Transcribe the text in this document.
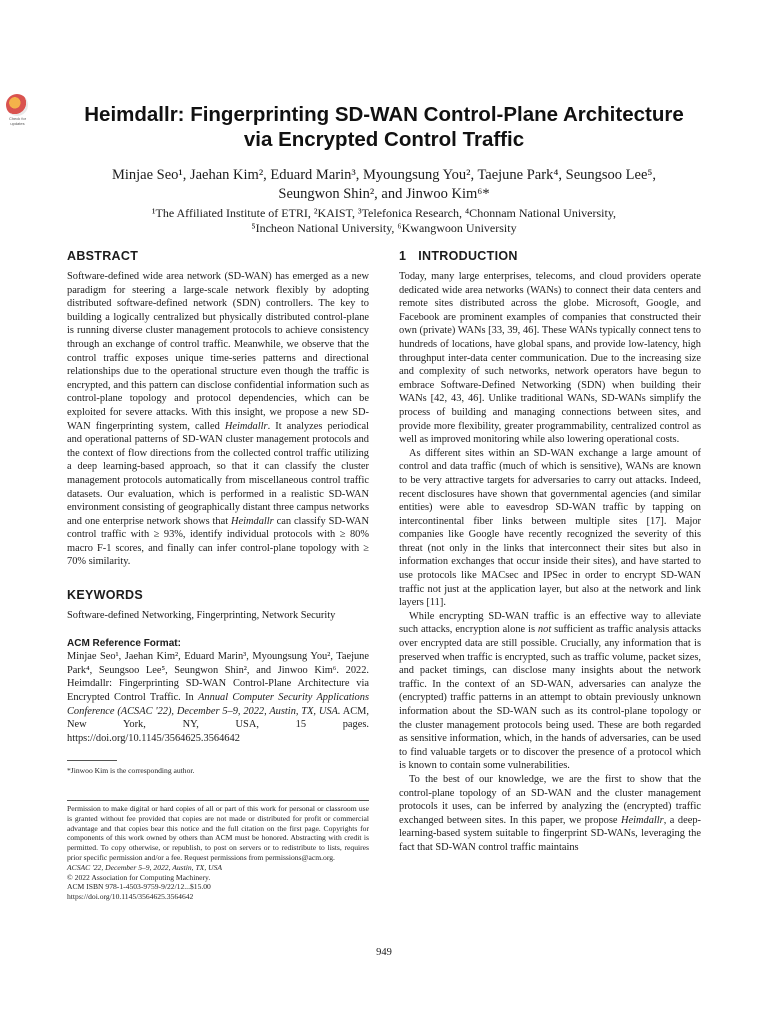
Check for updates	Heimdallr: Fingerprinting SD-WAN Control-Plane Architecture
via Encrypted Control Traffic
Minjae Seo¹, Jaehan Kim², Eduard Marin³, Myoungsung You², Taejune Park⁴, Seungsoo Lee⁵,
Seungwon Shin², and Jinwoo Kim⁶*
¹The Affiliated Institute of ETRI, ²KAIST, ³Telefonica Research, ⁴Chonnam National University,
⁵Incheon National University, ⁶Kwangwoon University
ABSTRACT

Software-defined wide area network (SD-WAN) has emerged as a new paradigm for steering a large-scale network flexibly by adopting distributed software-defined network (SDN) controllers. The key to building a logically centralized but physically distributed control-plane is running diverse cluster management protocols to achieve consistency through an exchange of control traffic. Meanwhile, we observe that the control traffic exposes unique time-series patterns and directional relationships due to the operational structure even though the traffic is encrypted, and this pattern can disclose confidential information such as control-plane topology and protocol dependencies, which can be exploited for severe attacks. With this insight, we propose a new SD-WAN fingerprinting system, called Heimdallr. It analyzes periodical and operational patterns of SD-WAN cluster management protocols and the context of flow directions from the collected control traffic utilizing a deep learning-based approach, so that it can classify the cluster management protocols automatically from miscellaneous control traffic datasets. Our evaluation, which is performed in a realistic SD-WAN environment consisting of geographically distant three campus networks and one enterprise network shows that Heimdallr can classify SD-WAN control traffic with ≥ 93%, identify individual protocols with ≥ 80% macro F-1 scores, and finally can infer control-plane topology with ≥ 70% similarity.

KEYWORDS

Software-defined Networking, Fingerprinting, Network Security

ACM Reference Format:

Minjae Seo¹, Jaehan Kim², Eduard Marin³, Myoungsung You², Taejune Park⁴, Seungsoo Lee⁵, Seungwon Shin², and Jinwoo Kim⁶. 2022. Heimdallr: Fingerprinting SD-WAN Control-Plane Architecture via Encrypted Control Traffic. In Annual Computer Security Applications Conference (ACSAC '22), December 5–9, 2022, Austin, TX, USA. ACM, New York, NY, USA, 15 pages. https://doi.org/10.1145/3564625.3564642

*Jinwoo Kim is the corresponding author.
Permission to make digital or hard copies of all or part of this work for personal or classroom use is granted without fee provided that copies are not made or distributed for profit or commercial advantage and that copies bear this notice and the full citation on the first page. Copyrights for components of this work owned by others than ACM must be honored. Abstracting with credit is permitted. To copy otherwise, or republish, to post on servers or to redistribute to lists, requires prior specific permission and/or a fee. Request permissions from permissions@acm.org.
ACSAC '22, December 5–9, 2022, Austin, TX, USA
© 2022 Association for Computing Machinery.
ACM ISBN 978-1-4503-9759-9/22/12...$15.00
https://doi.org/10.1145/3564625.3564642
1 INTRODUCTION

Today, many large enterprises, telecoms, and cloud providers operate dedicated wide area networks (WANs) to connect their data centers and remote sites distributed across the globe. Microsoft, Google, and Facebook are prominent examples of companies that constructed their own (private) WANs [33, 39, 46]. These WANs typically connect tens to hundreds of locations, have global spans, and provide low-latency, high throughput inter-data center communication. Due to the increasing size and complexity of such networks, network operators have begun to embrace Software-Defined Networking (SDN) when building their WANs [42, 43, 46]. Unlike traditional WANs, SD-WANs simplify the process of building and managing connections between sites, and provide more flexibility, greater programmability, centralized control as well as improved monitoring while also lowering operational costs.

As different sites within an SD-WAN exchange a large amount of control and data traffic (much of which is sensitive), WANs are known to be very attractive targets for adversaries to carry out attacks. Indeed, recent disclosures have shown that governmental agencies (and similar entities) were able to eavesdrop SD-WAN traffic by tapping on intercontinental fiber links between multiple sites [17]. Major companies like Google have recently recognized the severity of this threat (not only in the links that interconnect their sites but also in information exchanges that occur inside their sites), and have started to use protocols like MACsec and IPSec in order to encrypt SD-WAN traffic not just at the application layer, but also at the network and link layers [11].

While encrypting SD-WAN traffic is an effective way to alleviate such attacks, encryption alone is not sufficient as traffic analysis attacks over encrypted data are still possible. Crucially, any information that is preserved when traffic is encrypted, such as traffic volume, packet sizes, and packet timings, can disclose many insights about the network traffic. In the context of an SD-WAN, adversaries can analyze the (encrypted) traffic patterns in an attempt to obtain previously unknown information about the SD-WAN such as its control-plane topology or the cluster management protocols being used. These are both regarded as sensitive information, which, in the hands of adversaries, can be used to find valuable targets or to discover the presence of a protocol which is known to contain some vulnerabilities.

To the best of our knowledge, we are the first to show that the control-plane topology of an SD-WAN and the cluster management protocols it uses, can be inferred by analyzing the (encrypted) traffic exchanged between sites. In this paper, we propose Heimdallr, a deep-learning-based system suitable to fingerprint SD-WANs, leveraging the fact that SD-WAN control traffic maintains

949
